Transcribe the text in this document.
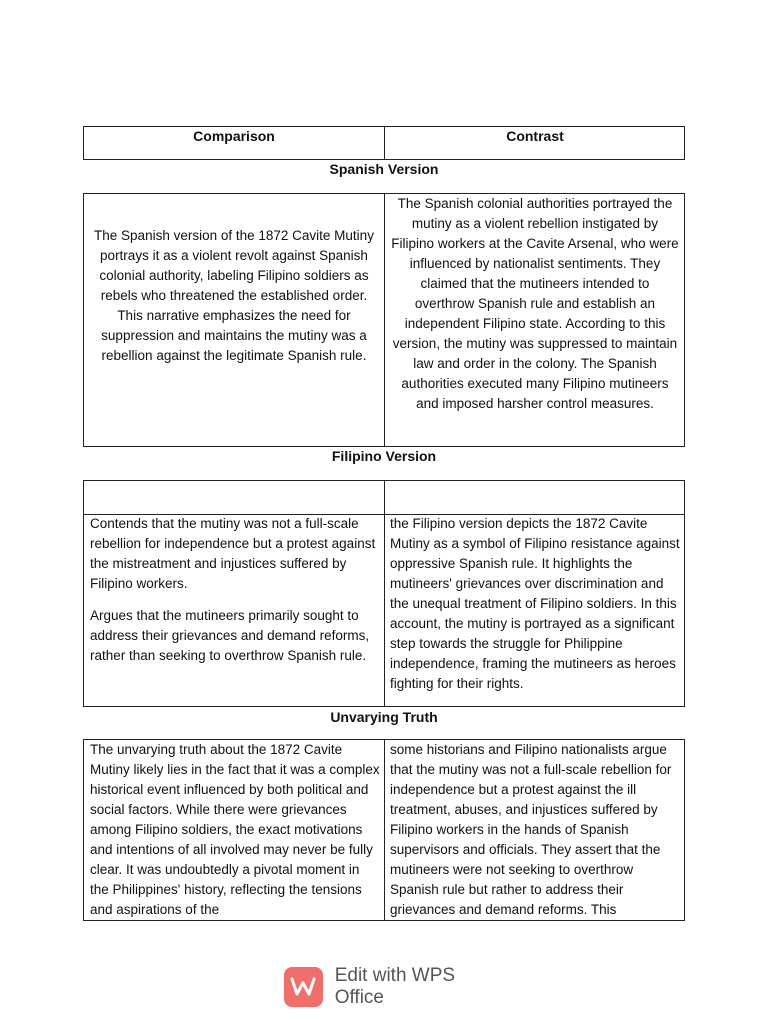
Comparison	Contrast
Spanish Version
The Spanish version of the 1872 Cavite Mutiny portrays it as a violent revolt against Spanish colonial authority, labeling Filipino soldiers as rebels who threatened the established order. This narrative emphasizes the need for suppression and maintains the mutiny was a rebellion against the legitimate Spanish rule.
The Spanish colonial authorities portrayed the mutiny as a violent rebellion instigated by Filipino workers at the Cavite Arsenal, who were influenced by nationalist sentiments. They claimed that the mutineers intended to overthrow Spanish rule and establish an independent Filipino state. According to this version, the mutiny was suppressed to maintain law and order in the colony. The Spanish authorities executed many Filipino mutineers and imposed harsher control measures.
Filipino Version
Contends that the mutiny was not a full-scale rebellion for independence but a protest against the mistreatment and injustices suffered by Filipino workers.
Argues that the mutineers primarily sought to address their grievances and demand reforms, rather than seeking to overthrow Spanish rule.
the Filipino version depicts the 1872 Cavite Mutiny as a symbol of Filipino resistance against oppressive Spanish rule. It highlights the mutineers' grievances over discrimination and the unequal treatment of Filipino soldiers. In this account, the mutiny is portrayed as a significant step towards the struggle for Philippine independence, framing the mutineers as heroes fighting for their rights.
Unvarying Truth
The unvarying truth about the 1872 Cavite Mutiny likely lies in the fact that it was a complex historical event influenced by both political and social factors. While there were grievances among Filipino soldiers, the exact motivations and intentions of all involved may never be fully clear. It was undoubtedly a pivotal moment in the Philippines' history, reflecting the tensions and aspirations of the
some historians and Filipino nationalists argue that the mutiny was not a full-scale rebellion for independence but a protest against the ill treatment, abuses, and injustices suffered by Filipino workers in the hands of Spanish supervisors and officials. They assert that the mutineers were not seeking to overthrow Spanish rule but rather to address their grievances and demand reforms. This
Edit with WPS Office
